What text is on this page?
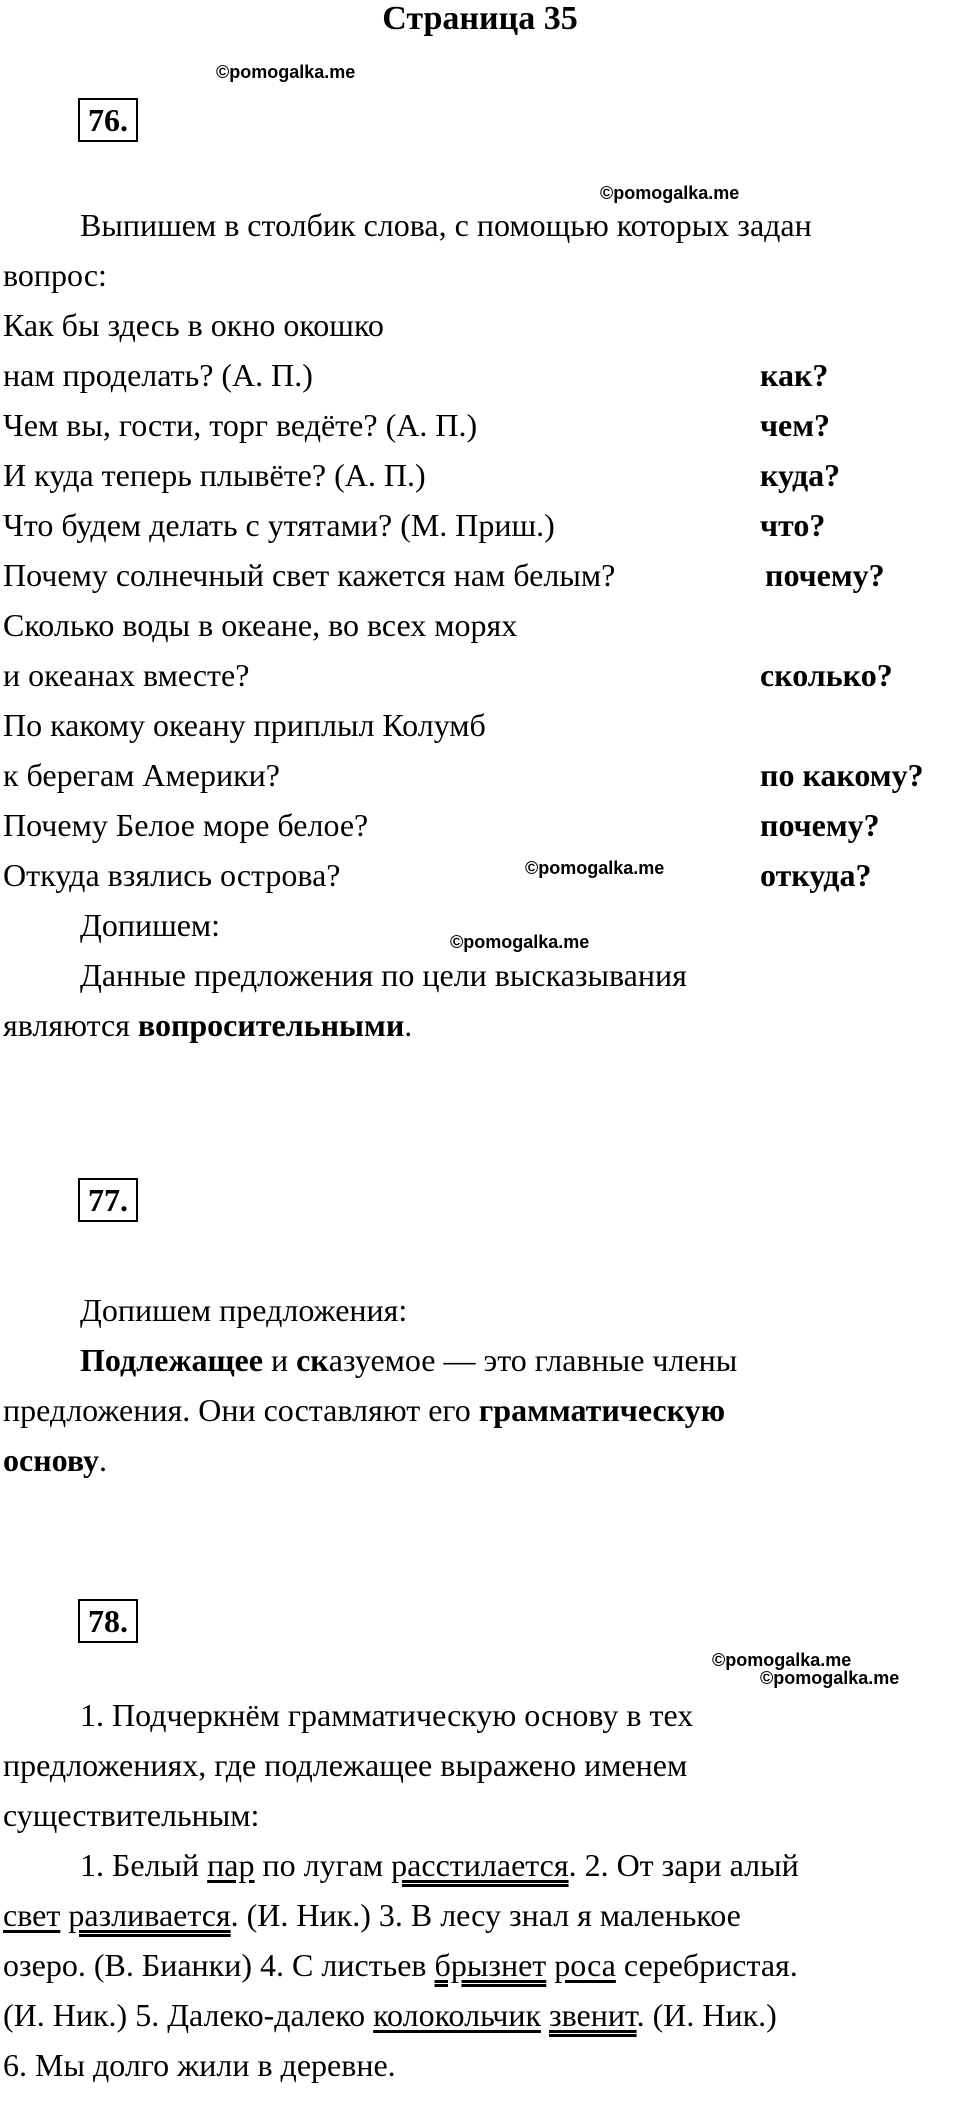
Страница 35
©pomogalka.me
76.
©pomogalka.me
Выпишем в столбик слова, с помощью которых задан
вопрос:
Как бы здесь в окно окошко
нам проделать? (А. П.)	как?
Чем вы, гости, торг ведёте? (А. П.)	чем?
И куда теперь плывёте? (А. П.)	куда?
Что будем делать с утятами? (М. Приш.)	что?
Почему солнечный свет кажется нам белым?	почему?
Сколько воды в океане, во всех морях
и океанах вместе?	сколько?
По какому океану приплыл Колумб
к берегам Америки?	по какому?
Почему Белое море белое?	почему?
©pomogalka.me
Откуда взялись острова?	откуда?
Допишем:	©pomogalka.me
Данные предложения по цели высказывания
являются вопросительными.
77.
Допишем предложения:
Подлежащее и сказуемое — это главные члены
предложения. Они составляют его грамматическую
основу.
78.
©pomogalka.me
©pomogalka.me
1. Подчеркнём грамматическую основу в тех
предложениях, где подлежащее выражено именем
существительным:
1. Белый пар по лугам расстилается. 2. От зари алый
свет разливается. (И. Ник.) 3. В лесу знал я маленькое
озеро. (В. Бианки) 4. С листьев брызнет роса серебристая.
(И. Ник.) 5. Далеко-далеко колокольчик звенит. (И. Ник.)
6. Мы долго жили в деревне.
